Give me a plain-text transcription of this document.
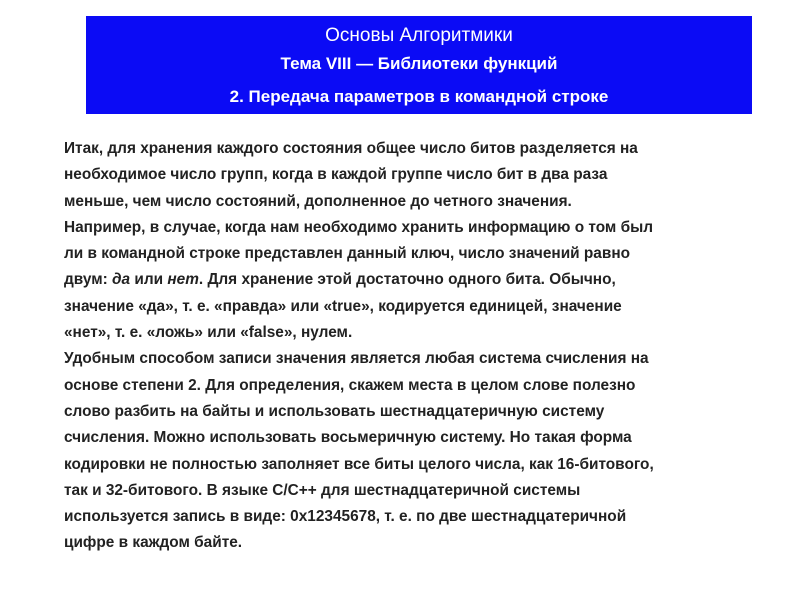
Основы Алгоритмики
Тема VIII — Библиотеки функций
2. Передача параметров в командной строке

Итак, для хранения каждого состояния общее число битов разделяется на
необходимое число групп, когда в каждой группе число бит в два раза
меньше, чем число состояний, дополненное до четного значения.
Например, в случае, когда нам необходимо хранить информацию о том был
ли в командной строке представлен данный ключ, число значений равно
двум: да или нет. Для хранение этой достаточно одного бита. Обычно,
значение «да», т. е. «правда» или «true», кодируется единицей, значение
«нет», т. е. «ложь» или «false», нулем.
Удобным способом записи значения является любая система счисления на
основе степени 2. Для определения, скажем места в целом слове полезно
слово разбить на байты и использовать шестнадцатеричную систему
счисления. Можно использовать восьмеричную систему. Но такая форма
кодировки не полностью заполняет все биты целого числа, как 16-битового,
так и 32-битового. В языке С/С++ для шестнадцатеричной системы
используется запись в виде: 0x12345678, т. е. по две шестнадцатеричной
цифре в каждом байте.
